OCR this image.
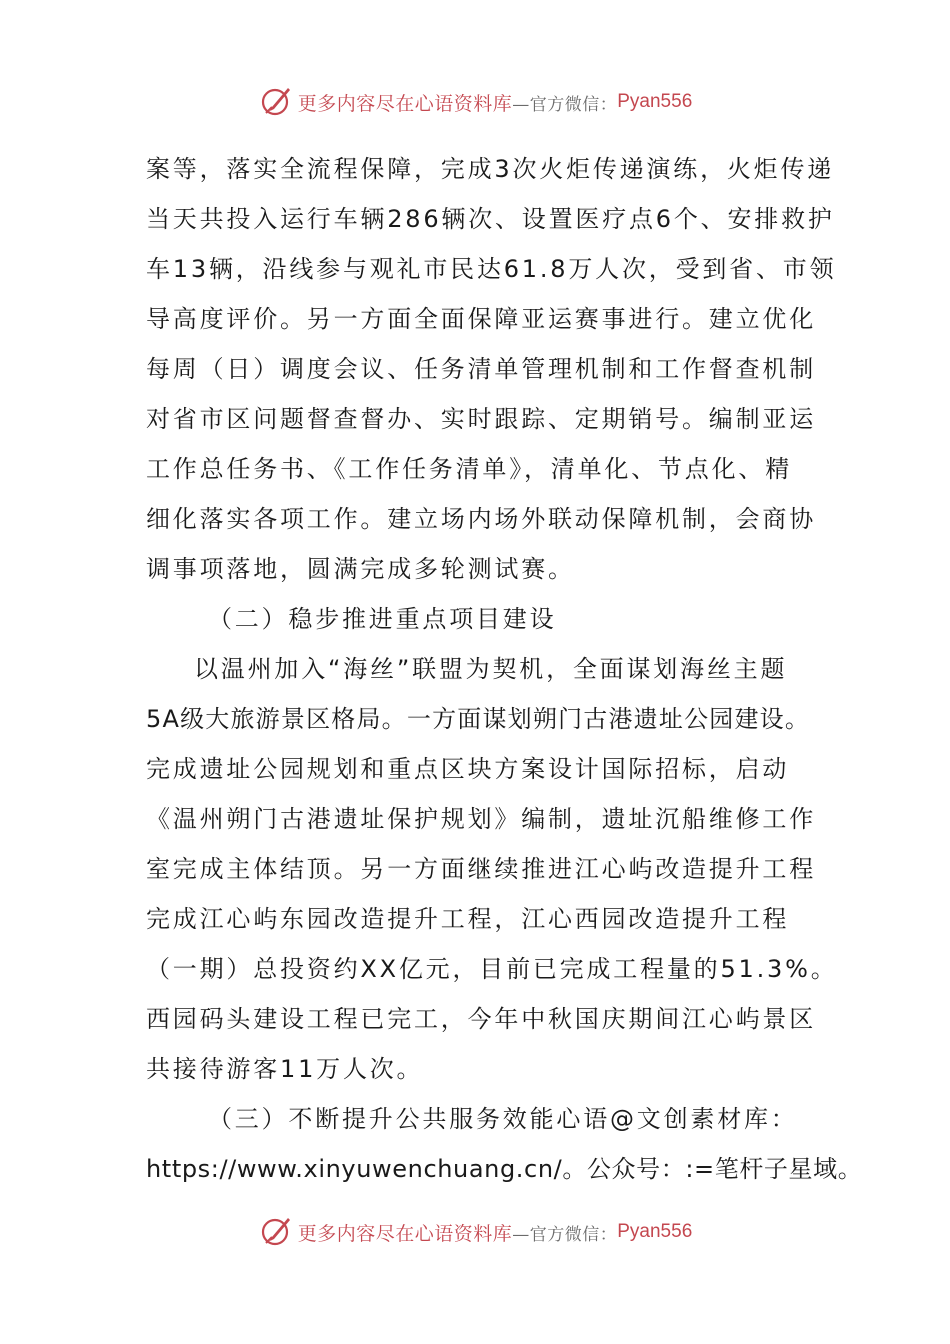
更多内容尽在心语资料库 —官方微信： Pyan556
案等，落实全流程保障，完成3次火炬传递演练，火炬传递
当天共投入运行车辆286辆次、设置医疗点6个、安排救护
车13辆，沿线参与观礼市民达61.8万人次，受到省、市领
导高度评价。另一方面全面保障亚运赛事进行。建立优化
每周（日）调度会议、任务清单管理机制和工作督查机制
对省市区问题督查督办、实时跟踪、定期销号。编制亚运
工作总任务书、《工作任务清单》，清单化、节点化、精
细化落实各项工作。建立场内场外联动保障机制，会商协
调事项落地，圆满完成多轮测试赛。
（二）稳步推进重点项目建设
以温州加入“海丝”联盟为契机，全面谋划海丝主题
5A级大旅游景区格局。一方面谋划朔门古港遗址公园建设。
完成遗址公园规划和重点区块方案设计国际招标，启动
《温州朔门古港遗址保护规划》编制，遗址沉船维修工作
室完成主体结顶。另一方面继续推进江心屿改造提升工程
完成江心屿东园改造提升工程，江心西园改造提升工程
（一期）总投资约XX亿元，目前已完成工程量的51.3%。
西园码头建设工程已完工，今年中秋国庆期间江心屿景区
共接待游客11万人次。
（三）不断提升公共服务效能心语@文创素材库：
https://www.xinyuwenchuang.cn/。公众号：:=笔杆子星域。
更多内容尽在心语资料库 —官方微信： Pyan556
